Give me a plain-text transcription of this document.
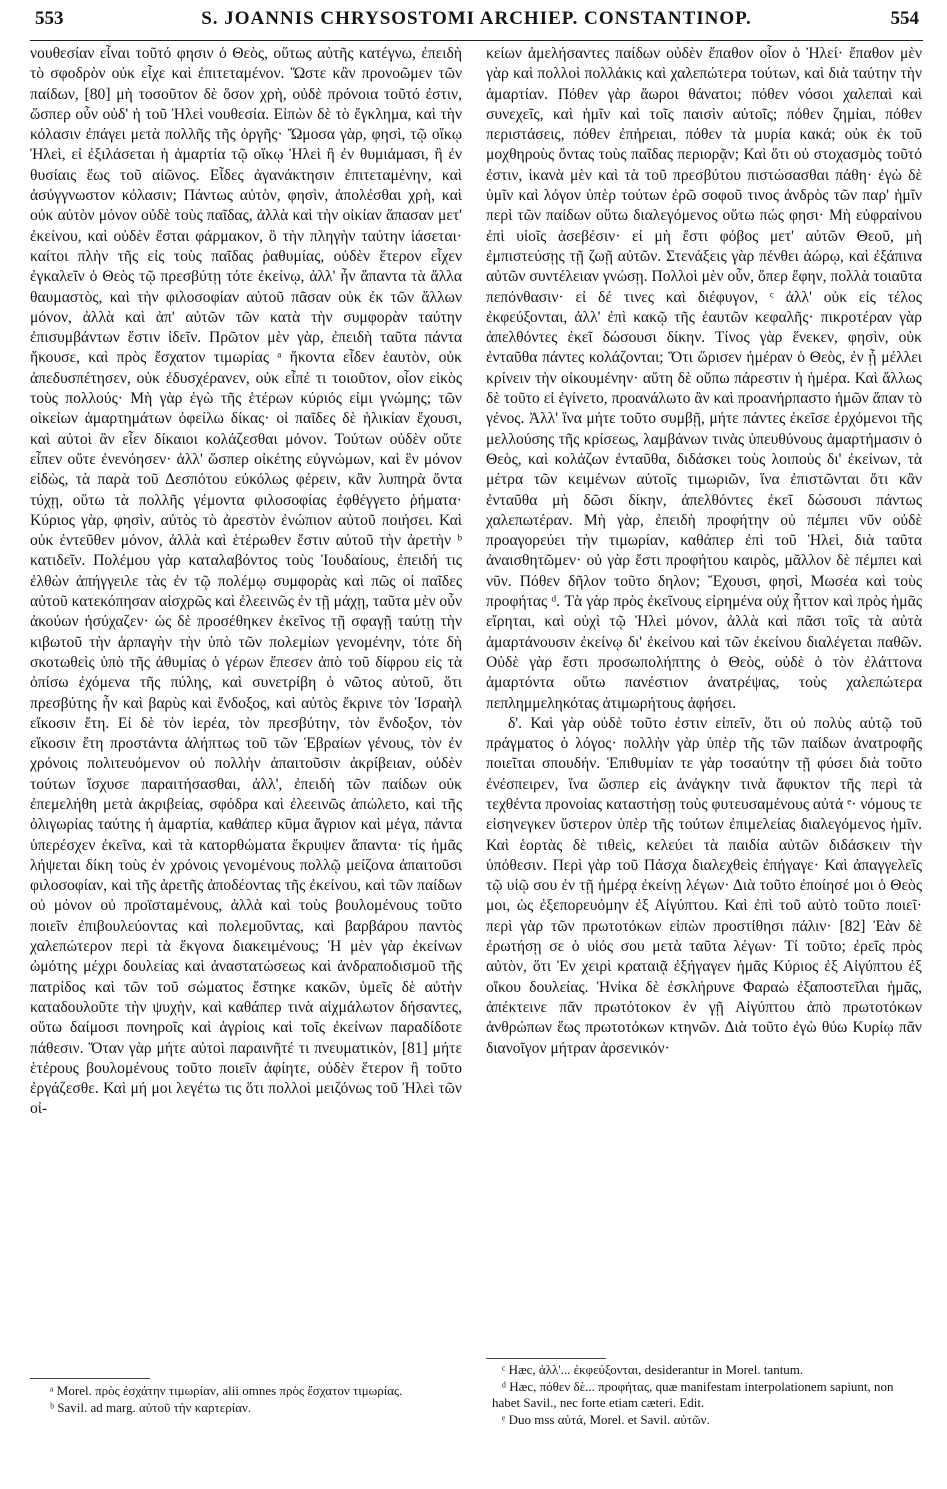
553	S. JOANNIS CHRYSOSTOMI ARCHIEP. CONSTANTINOP.	554

νουθεσίαν εἶναι τοῦτό φησιν ὁ Θεὸς, οὕτως αὐτῆς κατέγνω, ἐπειδὴ τὸ σφοδρὸν οὐκ εἶχε καὶ ἐπιτεταμένον. Ὥστε κἂν προνοῶμεν τῶν παίδων, [80] μὴ τοσοῦτον δὲ ὅσον χρὴ, οὐδὲ πρόνοια τοῦτό ἐστιν, ὥσπερ οὖν οὐδ' ἡ τοῦ Ἠλεὶ νουθεσία. Εἰπὼν δὲ τὸ ἔγκλημα, καὶ τὴν κόλασιν ἐπάγει μετὰ πολλῆς τῆς ὀργῆς· Ὤμοσα γὰρ, φησὶ, τῷ οἴκῳ Ἠλεὶ, εἰ ἐξιλάσεται ἡ ἁμαρτία τῷ οἴκῳ Ἠλεὶ ἢ ἐν θυμιάμασι, ἢ ἐν θυσίαις ἕως τοῦ αἰῶνος. Εἶδες ἀγανάκτησιν ἐπιτεταμένην, καὶ ἀσύγγνωστον κόλασιν; Πάντως αὐτὸν, φησὶν, ἀπολέσθαι χρὴ, καὶ οὐκ αὐτὸν μόνον οὐδὲ τοὺς παῖδας, ἀλλὰ καὶ τὴν οἰκίαν ἅπασαν μετ' ἐκείνου, καὶ οὐδὲν ἔσται φάρμακον, ὃ τὴν πληγὴν ταύτην ἰάσεται· καίτοι πλὴν τῆς εἰς τοὺς παῖδας ῥαθυμίας, οὐδὲν ἕτερον εἶχεν ἐγκαλεῖν ὁ Θεὸς τῷ πρεσβύτῃ τότε ἐκείνῳ, ἀλλ' ἦν ἅπαντα τὰ ἄλλα θαυμαστὸς, καὶ τὴν φιλοσοφίαν αὐτοῦ πᾶσαν οὐκ ἐκ τῶν ἄλλων μόνον, ἀλλὰ καὶ ἀπ' αὐτῶν τῶν κατὰ τὴν συμφορὰν ταύτην ἐπισυμβάντων ἔστιν ἰδεῖν. Πρῶτον μὲν γὰρ, ἐπειδὴ ταῦτα πάντα ἤκουσε, καὶ πρὸς ἔσχατον τιμωρίας ᵃ ἥκοντα εἶδεν ἑαυτὸν, οὐκ ἀπεδυσπέτησεν, οὐκ ἐδυσχέρανεν, οὐκ εἶπέ τι τοιοῦτον, οἷον εἰκὸς τοὺς πολλούς· Μὴ γὰρ ἐγὼ τῆς ἑτέρων κύριός εἰμι γνώμης; τῶν οἰκείων ἁμαρτημάτων ὀφείλω δίκας· οἱ παῖδες δὲ ἡλικίαν ἔχουσι, καὶ αὐτοὶ ἂν εἶεν δίκαιοι κολάζεσθαι μόνον. Τούτων οὐδὲν οὔτε εἶπεν οὔτε ἐνενόησεν· ἀλλ' ὥσπερ οἰκέτης εὐγνώμων, καὶ ἓν μόνον εἰδὼς, τὰ παρὰ τοῦ Δεσπότου εὐκόλως φέρειν, κἂν λυπηρὰ ὄντα τύχῃ, οὕτω τὰ πολλῆς γέμοντα φιλοσοφίας ἐφθέγγετο ῥήματα· Κύριος γὰρ, φησὶν, αὐτὸς τὸ ἀρεστὸν ἐνώπιον αὐτοῦ ποιήσει. Καὶ οὐκ ἐντεῦθεν μόνον, ἀλλὰ καὶ ἑτέρωθεν ἔστιν αὐτοῦ τὴν ἀρετὴν ᵇ κατιδεῖν. Πολέμου γὰρ καταλαβόντος τοὺς Ἰουδαίους, ἐπειδή τις ἐλθὼν ἀπήγγειλε τὰς ἐν τῷ πολέμῳ συμφορὰς καὶ πῶς οἱ παῖδες αὐτοῦ κατεκόπησαν αἰσχρῶς καὶ ἐλεεινῶς ἐν τῇ μάχῃ, ταῦτα μὲν οὖν ἀκούων ἡσύχαζεν· ὡς δὲ προσέθηκεν ἐκεῖνος τῇ σφαγῇ ταύτῃ τὴν κιβωτοῦ τὴν ἁρπαγὴν τὴν ὑπὸ τῶν πολεμίων γενομένην, τότε δὴ σκοτωθεὶς ὑπὸ τῆς ἀθυμίας ὁ γέρων ἔπεσεν ἀπὸ τοῦ δίφρου εἰς τὰ ὀπίσω ἐχόμενα τῆς πύλης, καὶ συνετρίβη ὁ νῶτος αὐτοῦ, ὅτι πρεσβύτης ἦν καὶ βαρὺς καὶ ἔνδοξος, καὶ αὐτὸς ἔκρινε τὸν Ἰσραὴλ εἴκοσιν ἔτη. Εἰ δὲ τὸν ἱερέα, τὸν πρεσβύτην, τὸν ἔνδοξον, τὸν εἴκοσιν ἔτη προστάντα ἀλήπτως τοῦ τῶν Ἑβραίων γένους, τὸν ἐν χρόνοις πολιτευόμενον οὐ πολλὴν ἀπαιτοῦσιν ἀκρίβειαν, οὐδὲν τούτων ἴσχυσε παραιτήσασθαι, ἀλλ', ἐπειδὴ τῶν παίδων οὐκ ἐπεμελήθη μετὰ ἀκριβείας, σφόδρα καὶ ἐλεεινῶς ἀπώλετο, καὶ τῆς ὀλιγωρίας ταύτης ἡ ἁμαρτία, καθάπερ κῦμα ἄγριον καὶ μέγα, πάντα ὑπερέσχεν ἐκεῖνα, καὶ τὰ κατορθώματα ἔκρυψεν ἅπαντα· τίς ἡμᾶς λήψεται δίκη τοὺς ἐν χρόνοις γενομένους πολλῷ μείζονα ἀπαιτοῦσι φιλοσοφίαν, καὶ τῆς ἀρετῆς ἀποδέοντας τῆς ἐκείνου, καὶ τῶν παίδων οὐ μόνον οὐ προϊσταμένους, ἀλλὰ καὶ τοὺς βουλομένους τοῦτο ποιεῖν ἐπιβουλεύοντας καὶ πολεμοῦντας, καὶ βαρβάρου παντὸς χαλεπώτερον περὶ τὰ ἔκγονα διακειμένους; Ἡ μὲν γὰρ ἐκείνων ὠμότης μέχρι δουλείας καὶ ἀναστατώσεως καὶ ἀνδραποδισμοῦ τῆς πατρίδος καὶ τῶν τοῦ σώματος ἔστηκε κακῶν, ὑμεῖς δὲ αὐτὴν καταδουλοῦτε τὴν ψυχὴν, καὶ καθάπερ τινὰ αἰχμάλωτον δήσαντες, οὕτω δαίμοσι πονηροῖς καὶ ἀγρίοις καὶ τοῖς ἐκείνων παραδίδοτε πάθεσιν. Ὅταν γὰρ μήτε αὐτοὶ παραινῆτέ τι πνευματικὸν, [81] μήτε ἑτέρους βουλομένους τοῦτο ποιεῖν ἀφίητε, οὐδὲν ἕτερον ἢ τοῦτο ἐργάζεσθε. Καὶ μή μοι λεγέτω τις ὅτι πολλοὶ μειζόνως τοῦ Ἠλεὶ τῶν οἰ-

κείων ἀμελήσαντες παίδων οὐδὲν ἔπαθον οἷον ὁ Ἠλεί· ἔπαθον μὲν γὰρ καὶ πολλοὶ πολλάκις καὶ χαλεπώτερα τούτων, καὶ διὰ ταύτην τὴν ἁμαρτίαν. Πόθεν γὰρ ἄωροι θάνατοι; πόθεν νόσοι χαλεπαὶ καὶ συνεχεῖς, καὶ ἡμῖν καὶ τοῖς παισὶν αὐτοῖς; πόθεν ζημίαι, πόθεν περιστάσεις, πόθεν ἐπήρειαι, πόθεν τὰ μυρία κακά; οὐκ ἐκ τοῦ μοχθηροὺς ὄντας τοὺς παῖδας περιορᾷν; Καὶ ὅτι οὐ στοχασμὸς τοῦτό ἐστιν, ἱκανὰ μὲν καὶ τὰ τοῦ πρεσβύτου πιστώσασθαι πάθη· ἐγὼ δὲ ὑμῖν καὶ λόγον ὑπὲρ τούτων ἐρῶ σοφοῦ τινος ἀνδρὸς τῶν παρ' ἡμῖν περὶ τῶν παίδων οὕτω διαλεγόμενος οὕτω πώς φησι· Μὴ εὐφραίνου ἐπὶ υἱοῖς ἀσεβέσιν· εἰ μὴ ἔστι φόβος μετ' αὐτῶν Θεοῦ, μὴ ἐμπιστεύσῃς τῇ ζωῇ αὐτῶν. Στενάξεις γὰρ πένθει ἀώρῳ, καὶ ἐξάπινα αὐτῶν συντέλειαν γνώσῃ. Πολλοὶ μὲν οὖν, ὅπερ ἔφην, πολλὰ τοιαῦτα πεπόνθασιν· εἰ δέ τινες καὶ διέφυγον, ᶜ ἀλλ' οὐκ εἰς τέλος ἐκφεύξονται, ἀλλ' ἐπὶ κακῷ τῆς ἑαυτῶν κεφαλῆς· πικροτέραν γὰρ ἀπελθόντες ἐκεῖ δώσουσι δίκην. Τίνος γὰρ ἕνεκεν, φησὶν, οὐκ ἐνταῦθα πάντες κολάζονται; Ὅτι ὥρισεν ἡμέραν ὁ Θεὸς, ἐν ᾗ μέλλει κρίνειν τὴν οἰκουμένην· αὕτη δὲ οὔπω πάρεστιν ἡ ἡμέρα. Καὶ ἄλλως δὲ τοῦτο εἰ ἐγίνετο, προανάλωτο ἂν καὶ προανήρπαστο ἡμῶν ἅπαν τὸ γένος. Ἀλλ' ἵνα μήτε τοῦτο συμβῇ, μήτε πάντες ἐκεῖσε ἐρχόμενοι τῆς μελλούσης τῆς κρίσεως, λαμβάνων τινὰς ὑπευθύνους ἁμαρτήμασιν ὁ Θεὸς, καὶ κολάζων ἐνταῦθα, διδάσκει τοὺς λοιποὺς δι' ἐκείνων, τὰ μέτρα τῶν κειμένων αὐτοῖς τιμωριῶν, ἵνα ἐπιστῶνται ὅτι κἂν ἐνταῦθα μὴ δῶσι δίκην, ἀπελθόντες ἐκεῖ δώσουσι πάντως χαλεπωτέραν. Μὴ γὰρ, ἐπειδὴ προφήτην οὐ πέμπει νῦν οὐδὲ προαγορεύει τὴν τιμωρίαν, καθάπερ ἐπὶ τοῦ Ἠλεὶ, διὰ ταῦτα ἀναισθητῶμεν· οὐ γὰρ ἔστι προφήτου καιρὸς, μᾶλλον δὲ πέμπει καὶ νῦν. Πόθεν δῆλον τοῦτο δηλον; Ἔχουσι, φησὶ, Μωσέα καὶ τοὺς προφήτας ᵈ. Τὰ γὰρ πρὸς ἐκεῖνους εἰρημένα οὐχ ἧττον καὶ πρὸς ἡμᾶς εἴρηται, καὶ οὐχὶ τῷ Ἠλεὶ μόνον, ἀλλὰ καὶ πᾶσι τοῖς τὰ αὐτὰ ἁμαρτάνουσιν ἐκείνῳ δι' ἐκείνου καὶ τῶν ἐκείνου διαλέγεται παθῶν. Οὐδὲ γὰρ ἔστι προσωπολήπτης ὁ Θεὸς, οὐδὲ ὁ τὸν ἐλάττονα ἁμαρτόντα οὕτω πανέστιον ἀνατρέψας, τοὺς χαλεπώτερα πεπλημμεληκότας ἀτιμωρήτους ἀφήσει.

δ'. Καὶ γὰρ οὐδὲ τοῦτο ἐστιν εἰπεῖν, ὅτι οὐ πολὺς αὐτῷ τοῦ πράγματος ὁ λόγος· πολλὴν γὰρ ὑπὲρ τῆς τῶν παίδων ἀνατροφῆς ποιεῖται σπουδήν. Ἐπιθυμίαν τε γὰρ τοσαύτην τῇ φύσει διὰ τοῦτο ἐνέσπειρεν, ἵνα ὥσπερ εἰς ἀνάγκην τινὰ ἄφυκτον τῆς περὶ τὰ τεχθέντα προνοίας καταστήσῃ τοὺς φυτευσαμένους αὐτά ᵉ· νόμους τε εἰσηνεγκεν ὕστερον ὑπὲρ τῆς τούτων ἐπιμελείας διαλεγόμενος ἡμῖν. Καὶ ἑορτὰς δὲ τιθεὶς, κελεύει τὰ παιδία αὐτῶν διδάσκειν τὴν ὑπόθεσιν. Περὶ γὰρ τοῦ Πάσχα διαλεχθεὶς ἐπήγαγε· Καὶ ἀπαγγελεῖς τῷ υἱῷ σου ἐν τῇ ἡμέρᾳ ἐκείνῃ λέγων· Διὰ τοῦτο ἐποίησέ μοι ὁ Θεὸς μοι, ὡς ἐξεπορευόμην ἐξ Αἰγύπτου. Καὶ ἐπὶ τοῦ αὐτὸ τοῦτο ποιεῖ· περὶ γὰρ τῶν πρωτοτόκων εἰπὼν προστίθησι πάλιν· [82] Ἐὰν δὲ ἐρωτήσῃ σε ὁ υἱός σου μετὰ ταῦτα λέγων· Τί τοῦτο; ἐρεῖς πρὸς αὐτὸν, ὅτι Ἐν χειρὶ κραταιᾷ ἐξήγαγεν ἡμᾶς Κύριος ἐξ Αἰγύπτου ἐξ οἴκου δουλείας. Ἡνίκα δὲ ἐσκλήρυνε Φαραὼ ἐξαποστεῖλαι ἡμᾶς, ἀπέκτεινε πᾶν πρωτότοκον ἐν γῇ Αἰγύπτου ἀπὸ πρωτοτόκων ἀνθρώπων ἕως πρωτοτόκων κτηνῶν. Διὰ τοῦτο ἐγὼ θύω Κυρίῳ πᾶν διανοῖγον μήτραν ἀρσενικόν·

ᵃ Morel. πρὸς ἐσχάτην τιμωρίαν, alii omnes πρὸς ἔσχατον τιμωρίας.

ᵇ Savil. ad marg. αὐτοῦ τὴν καρτερίαν.

ᶜ Hæc, ἀλλ'... ἐκφεύξονται, desiderantur in Morel. tantum.

ᵈ Hæc, πόθεν δὲ... προφήτας, quæ manifestam interpolationem sapiunt, non habet Savil., nec forte etiam cæteri. Edit.

ᵉ Duo mss αὐτά, Morel. et Savil. αὐτῶν.
